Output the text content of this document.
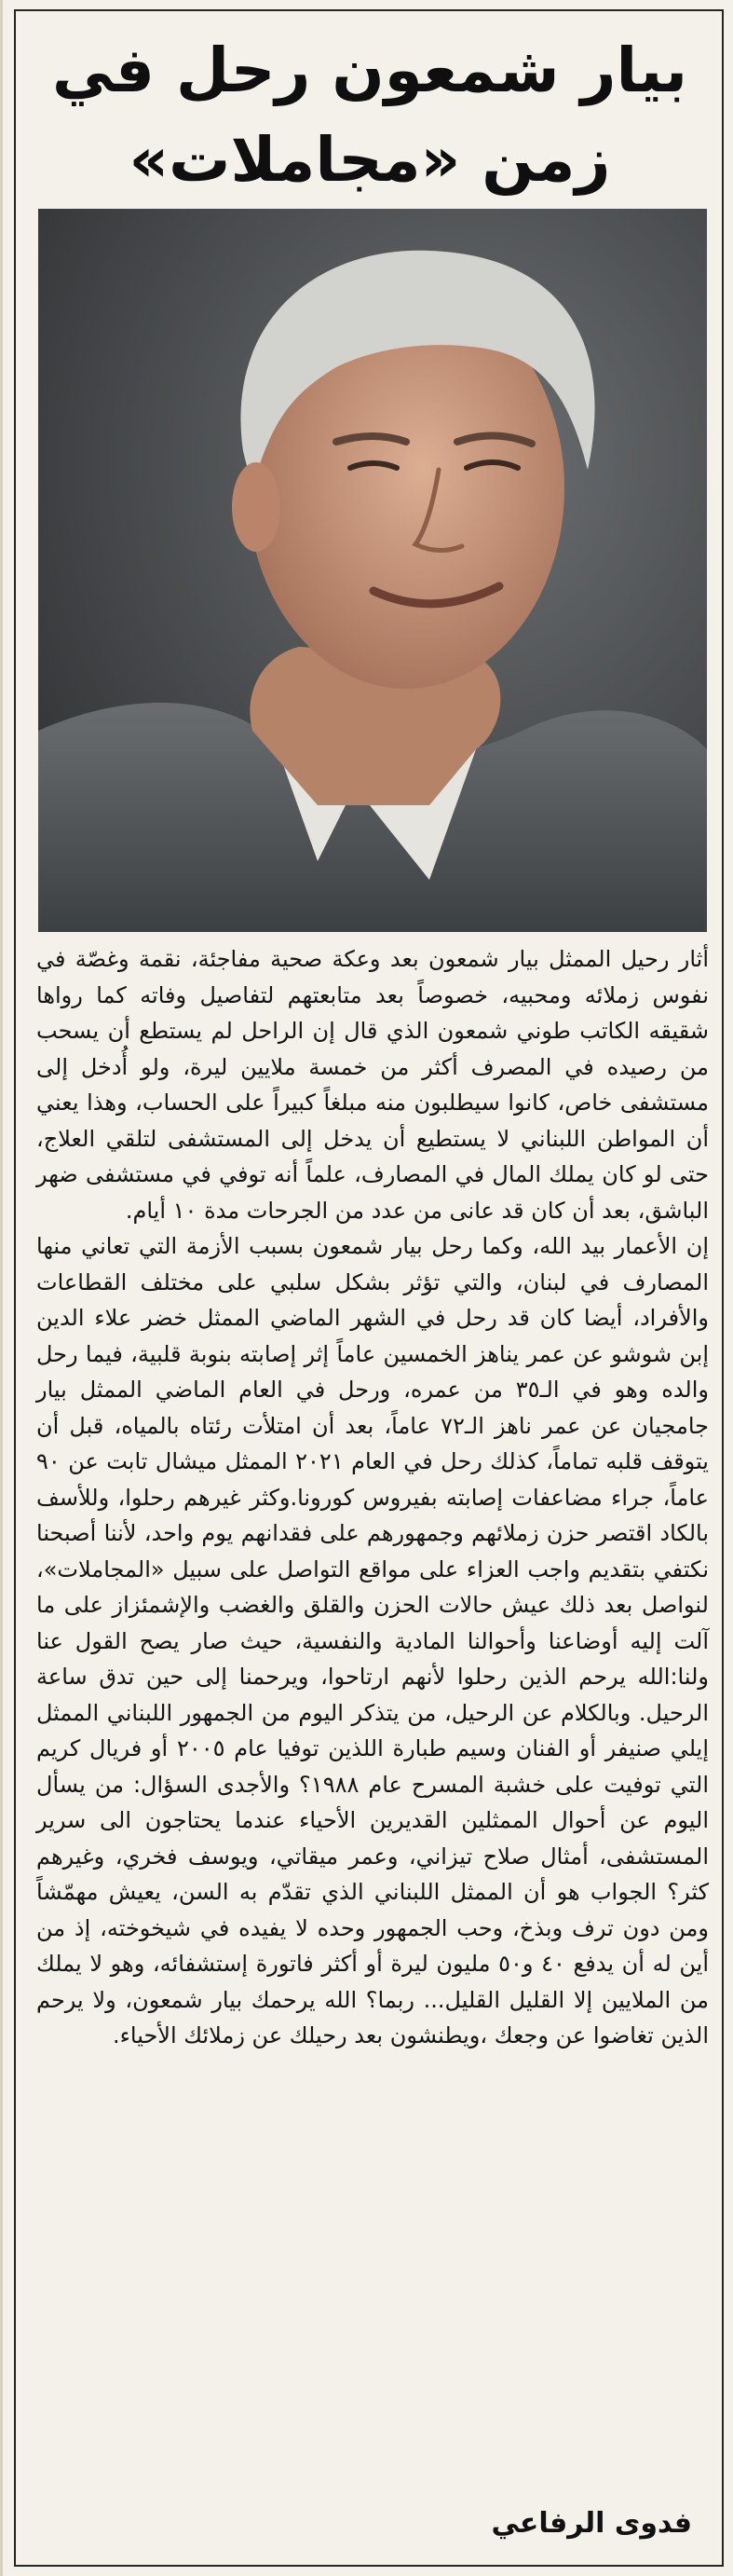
بيار شمعون رحل في زمن «مجاملات»

أثار رحيل الممثل بيار شمعون بعد وعكة صحية مفاجئة، نقمة وغصّة في نفوس زملائه ومحبيه، خصوصاً بعد متابعتهم لتفاصيل وفاته كما رواها شقيقه الكاتب طوني شمعون الذي قال إن الراحل لم يستطع أن يسحب من رصيده في المصرف أكثر من خمسة ملايين ليرة، ولو أُدخل إلى مستشفى خاص، كانوا سيطلبون منه مبلغاً كبيراً على الحساب، وهذا يعني أن المواطن اللبناني لا يستطيع أن يدخل إلى المستشفى لتلقي العلاج، حتى لو كان يملك المال في المصارف، علماً أنه توفي في مستشفى ضهر الباشق، بعد أن كان قد عانى من عدد من الجرحات مدة ١٠ أيام.

إن الأعمار بيد الله، وكما رحل بيار شمعون بسبب الأزمة التي تعاني منها المصارف في لبنان، والتي تؤثر بشكل سلبي على مختلف القطاعات والأفراد، أيضا كان قد رحل في الشهر الماضي الممثل خضر علاء الدين إبن شوشو عن عمر يناهز الخمسين عاماً إثر إصابته بنوبة قلبية، فيما رحل والده وهو في الـ٣٥ من عمره، ورحل في العام الماضي الممثل بيار جامجيان عن عمر ناهز الـ٧٢ عاماً، بعد أن امتلأت رئتاه بالمياه، قبل أن يتوقف قلبه تماماً، كذلك رحل في العام ٢٠٢١ الممثل ميشال تابت عن ٩٠ عاماً، جراء مضاعفات إصابته بفيروس كورونا.وكثر غيرهم رحلوا، وللأسف بالكاد اقتصر حزن زملائهم وجمهورهم على فقدانهم يوم واحد، لأننا أصبحنا نكتفي بتقديم واجب العزاء على مواقع التواصل على سبيل «المجاملات»، لنواصل بعد ذلك عيش حالات الحزن والقلق والغضب والإشمئزاز على ما آلت إليه أوضاعنا وأحوالنا المادية والنفسية، حيث صار يصح القول عنا ولنا:الله يرحم الذين رحلوا لأنهم ارتاحوا، ويرحمنا إلى حين تدق ساعة الرحيل. وبالكلام عن الرحيل، من يتذكر اليوم من الجمهور اللبناني الممثل إيلي صنيفر أو الفنان وسيم طبارة اللذين توفيا عام ٢٠٠٥ أو فريال كريم التي توفيت على خشبة المسرح عام ١٩٨٨؟ والأجدى السؤال: من يسأل اليوم عن أحوال الممثلين القديرين الأحياء عندما يحتاجون الى سرير المستشفى، أمثال صلاح تيزاني، وعمر ميقاتي، ويوسف فخري، وغيرهم كثر؟ الجواب هو أن الممثل اللبناني الذي تقدّم به السن، يعيش مهمّشاً ومن دون ترف وبذخ، وحب الجمهور وحده لا يفيده في شيخوخته، إذ من أين له أن يدفع ٤٠ و٥٠ مليون ليرة أو أكثر فاتورة إستشفائه، وهو لا يملك من الملايين إلا القليل القليل... ربما؟ الله يرحمك بيار شمعون، ولا يرحم الذين تغاضوا عن وجعك ،ويطنشون بعد رحيلك عن زملائك الأحياء.

فدوى الرفاعي
